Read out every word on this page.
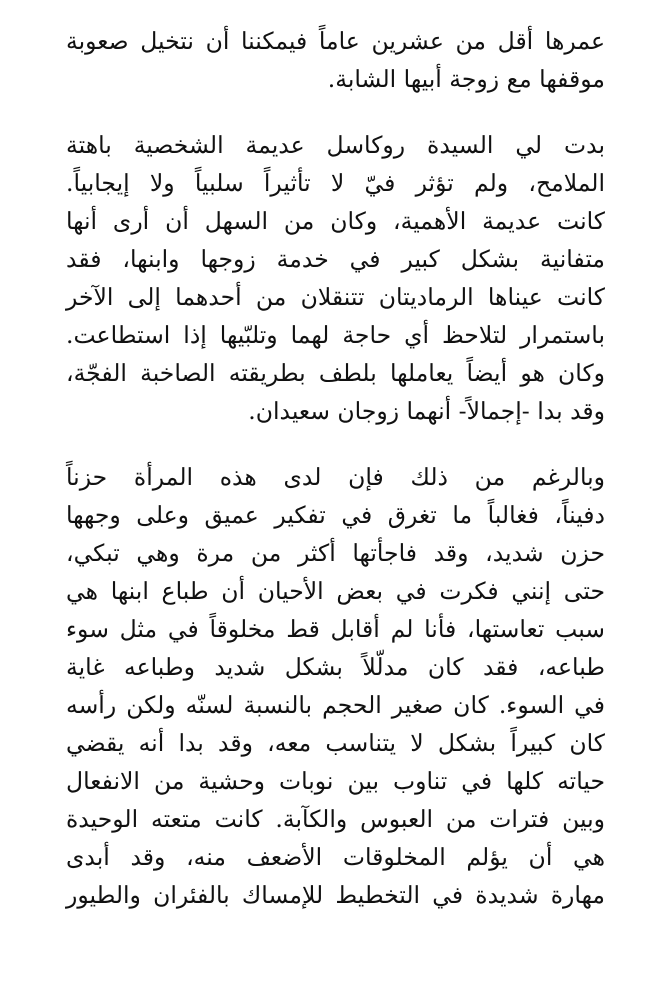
عمرها أقل من عشرين عاماً فيمكننا أن نتخيل صعوبة
موقفها مع زوجة أبيها الشابة.
بدت لي السيدة روكاسل عديمة الشخصية باهتة
الملامح، ولم تؤثر فيّ لا تأثيراً سلبياً ولا إيجابياً.
كانت عديمة الأهمية، وكان من السهل أن أرى أنها
متفانية بشكل كبير في خدمة زوجها وابنها، فقد
كانت عيناها الرماديتان تتنقلان من أحدهما إلى الآخر
باستمرار لتلاحظ أي حاجة لهما وتلبّيها إذا استطاعت.
وكان هو أيضاً يعاملها بلطف بطريقته الصاخبة الفجّة،
وقد بدا -إجمالاً- أنهما زوجان سعيدان.
وبالرغم من ذلك فإن لدى هذه المرأة حزناً
دفيناً، فغالباً ما تغرق في تفكير عميق وعلى وجهها
حزن شديد، وقد فاجأتها أكثر من مرة وهي تبكي،
حتى إنني فكرت في بعض الأحيان أن طباع ابنها هي
سبب تعاستها، فأنا لم أقابل قط مخلوقاً في مثل سوء
طباعه، فقد كان مدلّلاً بشكل شديد وطباعه غاية
في السوء. كان صغير الحجم بالنسبة لسنّه ولكن رأسه
كان كبيراً بشكل لا يتناسب معه، وقد بدا أنه يقضي
حياته كلها في تناوب بين نوبات وحشية من الانفعال
وبين فترات من العبوس والكآبة. كانت متعته الوحيدة
هي أن يؤلم المخلوقات الأضعف منه، وقد أبدى
مهارة شديدة في التخطيط للإمساك بالفئران والطيور
